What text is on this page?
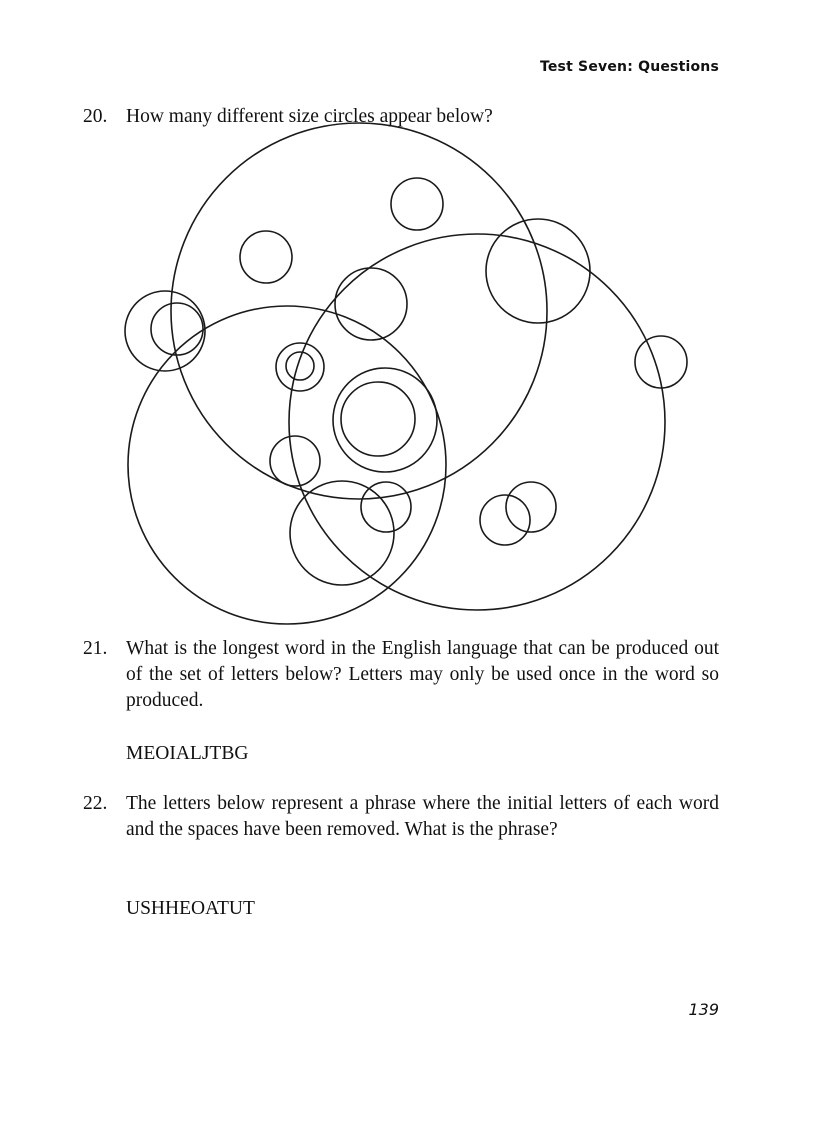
Test Seven: Questions
20. How many different size circles appear below?
21. What is the longest word in the English language that can be produced out of the set of letters below? Letters may only be used once in the word so produced.
MEOIALJTBG
22. The letters below represent a phrase where the initial letters of each word and the spaces have been removed. What is the phrase?
USHHEOATUT
139
